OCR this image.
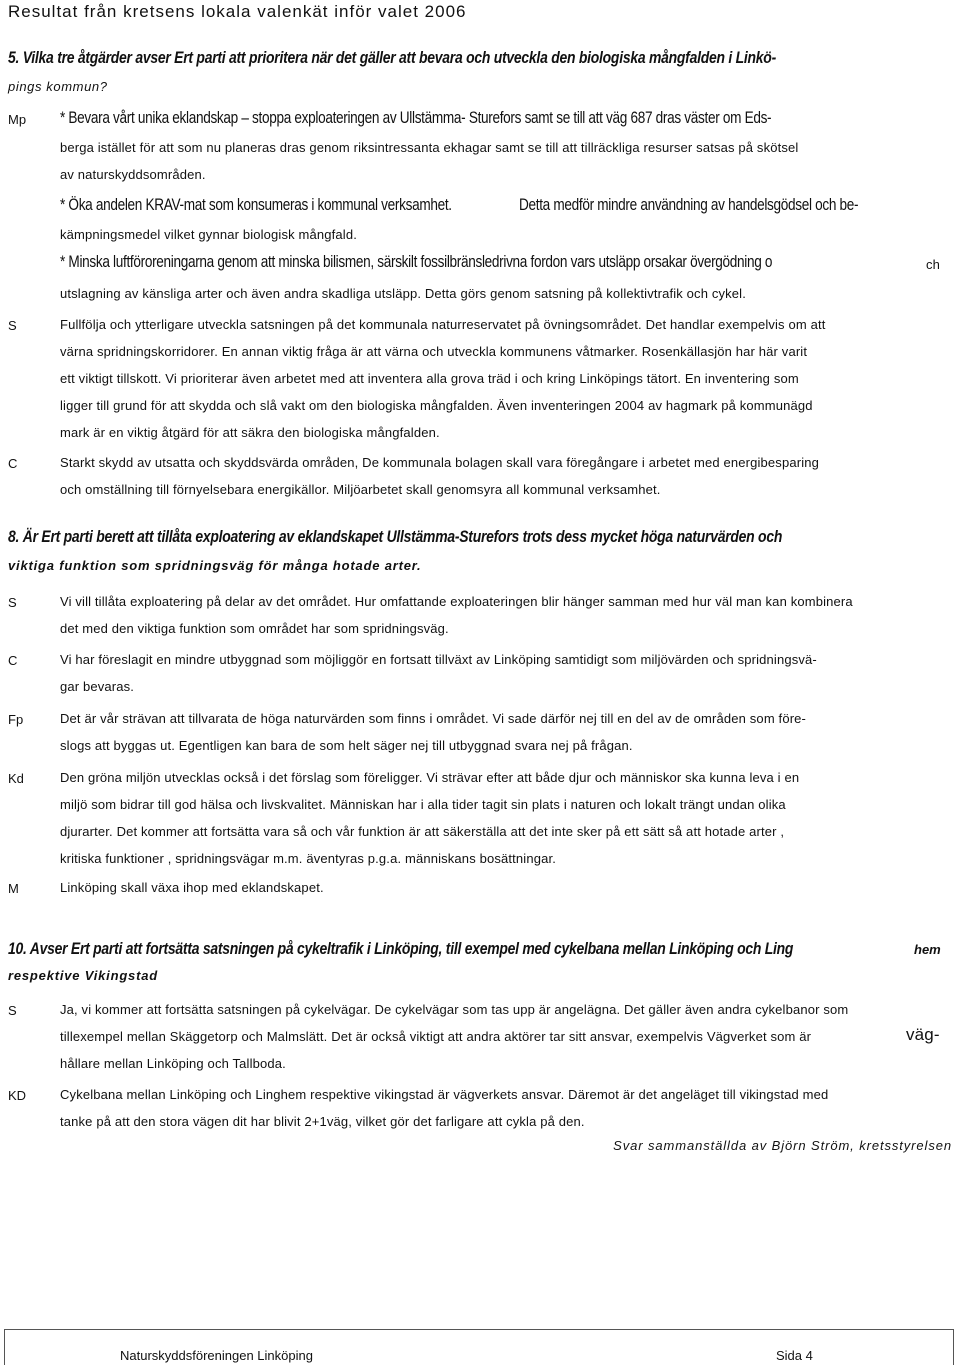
Resultat från kretsens lokala valenkät inför valet 2006
5. Vilka tre åtgärder avser Ert parti att prioritera när det gäller att bevara och utveckla den biologiska mångfalden i Linkö-
pings kommun?
Mp * Bevara vårt unika eklandskap – stoppa exploateringen av Ullstämma- Sturefors samt se till att väg 687 dras väster om Eds-
berga istället för att som nu planeras dras genom riksintressanta ekhagar samt se till att tillräckliga resurser satsas på skötsel
av naturskyddsområden.
* Öka andelen KRAV-mat som konsumeras i kommunal verksamhet.	Detta medför mindre användning av handelsgödsel och be-
kämpningsmedel vilket gynnar biologisk mångfald.
* Minska luftföroreningarna genom att minska bilismen, särskilt fossilbränsledrivna fordon vars utsläpp orsakar övergödning o	ch
utslagning av känsliga arter och även andra skadliga utsläpp. Detta görs genom satsning på kollektivtrafik och cykel.
S	Fullfölja och ytterligare utveckla satsningen på det kommunala naturreservatet på övningsområdet. Det handlar exempelvis om att
värna spridningskorridorer. En annan viktig fråga är att värna och utveckla kommunens våtmarker. Rosenkällasjön har här varit
ett viktigt tillskott. Vi prioriterar även arbetet med att inventera alla grova träd i och kring Linköpings tätort. En inventering som
ligger till grund för att skydda och slå vakt om den biologiska mångfalden. Även inventeringen 2004 av hagmark på kommunägd
mark är en viktig åtgärd för att säkra den biologiska mångfalden.
C	Starkt skydd av utsatta och skyddsvärda områden, De kommunala bolagen skall vara föregångare i arbetet med energibesparing
och omställning till förnyelsebara energikällor. Miljöarbetet skall genomsyra all kommunal verksamhet.
8. Är Ert parti berett att tillåta exploatering av eklandskapet Ullstämma-Sturefors trots dess mycket höga naturvärden och
viktiga funktion som spridningsväg för många hotade arter.
S	Vi vill tillåta exploatering på delar av det området. Hur omfattande exploateringen blir hänger samman med hur väl man kan kombinera
det med den viktiga funktion som området har som spridningsväg.
C	Vi har föreslagit en mindre utbyggnad som möjliggör en fortsatt tillväxt av Linköping samtidigt som miljövärden och spridningsvä-
gar bevaras.
Fp	Det är vår strävan att tillvarata de höga naturvärden som finns i området. Vi sade därför nej till en del av de områden som före-
slogs att byggas ut. Egentligen kan bara de som helt säger nej till utbyggnad svara nej på frågan.
Kd	Den gröna miljön utvecklas också i det förslag som föreligger. Vi strävar efter att både djur och människor ska kunna leva i en
miljö som bidrar till god hälsa och livskvalitet. Människan har i alla tider tagit sin plats i naturen och lokalt trängt undan olika
djurarter. Det kommer att fortsätta vara så och vår funktion är att säkerställa att det inte sker på ett sätt så att hotade arter ,
kritiska funktioner , spridningsvägar m.m. äventyras p.g.a. människans bosättningar.
M	Linköping skall växa ihop med eklandskapet.
10. Avser Ert parti att fortsätta satsningen på cykeltrafik i Linköping, till exempel med cykelbana mellan Linköping och Ling	hem
respektive Vikingstad
S	Ja, vi kommer att fortsätta satsningen på cykelvägar. De cykelvägar som tas upp är angelägna. Det gäller även andra cykelbanor som
tillexempel mellan Skäggetorp och Malmslätt. Det är också viktigt att andra aktörer tar sitt ansvar, exempelvis Vägverket som är	väg-
hållare mellan Linköping och Tallboda.
KD	Cykelbana mellan Linköping och Linghem respektive vikingstad är vägverkets ansvar. Däremot är det angeläget till vikingstad med
tanke på att den stora vägen dit har blivit 2+1väg, vilket gör det farligare att cykla på den.
Svar sammanställda av Björn Ström, kretsstyrelsen
Naturskyddsföreningen Linköping	Sida 4
